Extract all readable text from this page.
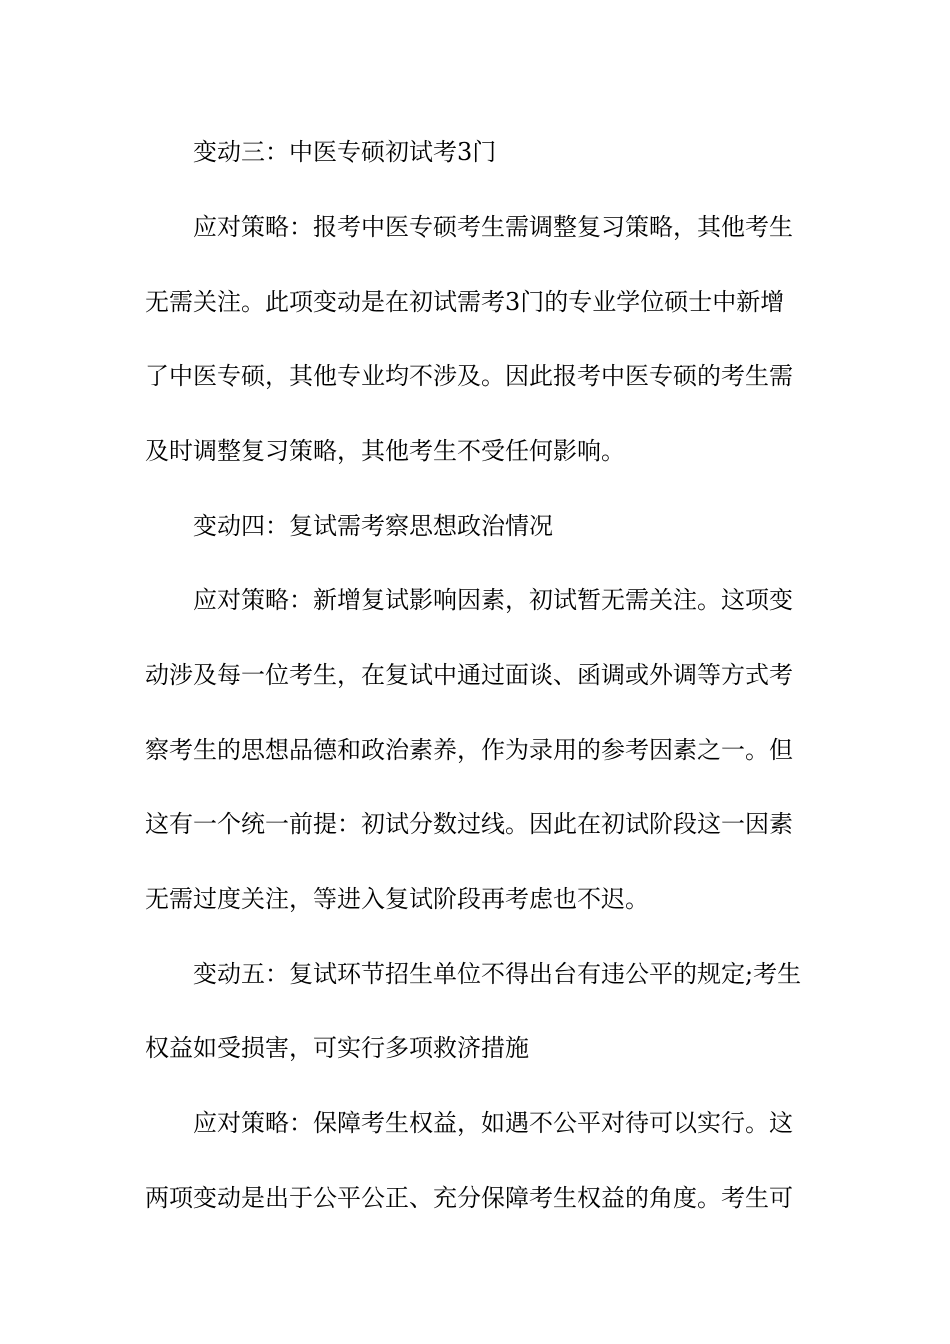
变动三：中医专硕初试考3门
应对策略：报考中医专硕考生需调整复习策略，其他考生
无需关注。此项变动是在初试需考3门的专业学位硕士中新增
了中医专硕，其他专业均不涉及。因此报考中医专硕的考生需
及时调整复习策略，其他考生不受任何影响。
变动四：复试需考察思想政治情况
应对策略：新增复试影响因素，初试暂无需关注。这项变
动涉及每一位考生，在复试中通过面谈、函调或外调等方式考
察考生的思想品德和政治素养，作为录用的参考因素之一。但
这有一个统一前提：初试分数过线。因此在初试阶段这一因素
无需过度关注，等进入复试阶段再考虑也不迟。
变动五：复试环节招生单位不得出台有违公平的规定;考生
权益如受损害，可实行多项救济措施
应对策略：保障考生权益，如遇不公平对待可以实行。这
两项变动是出于公平公正、充分保障考生权益的角度。考生可
